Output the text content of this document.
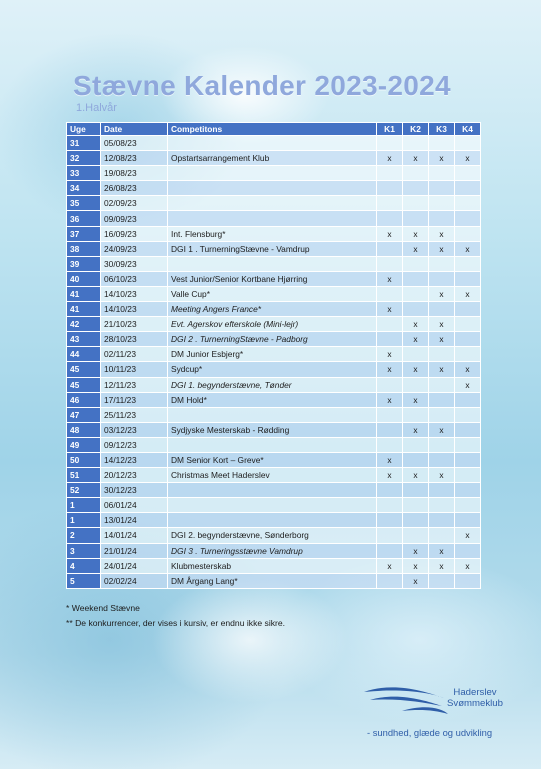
Stævne Kalender 2023-2024
1.Halvår
Uge	Date	Competitons	K1	K2	K3	K4
31	05/08/23					
32	12/08/23	Opstartsarrangement Klub	x	x	x	x
33	19/08/23					
34	26/08/23					
35	02/09/23					
36	09/09/23					
37	16/09/23	Int. Flensburg*	x	x	x	
38	24/09/23	DGI 1 . TurnerningStævne - Vamdrup		x	x	x
39	30/09/23					
40	06/10/23	Vest Junior/Senior Kortbane Hjørring	x			
41	14/10/23	Valle Cup*			x	x
41	14/10/23	Meeting Angers France*	x			
42	21/10/23	Evt. Agerskov efterskole (Mini-lejr)		x	x	
43	28/10/23	DGI 2 . TurnerningStævne - Padborg		x	x	
44	02/11/23	DM Junior Esbjerg*	x			
45	10/11/23	Sydcup*	x	x	x	x
45	12/11/23	DGI 1. begynderstævne, Tønder				x
46	17/11/23	DM Hold*	x	x		
47	25/11/23					
48	03/12/23	Sydjyske Mesterskab - Rødding		x	x	
49	09/12/23					
50	14/12/23	DM Senior Kort – Greve*	x			
51	20/12/23	Christmas Meet Haderslev	x	x	x	
52	30/12/23					
1	06/01/24					
1	13/01/24					
2	14/01/24	DGI 2. begynderstævne, Sønderborg				x
3	21/01/24	DGI 3 . Turneringsstævne Vamdrup		x	x	
4	24/01/24	Klubmesterskab	x	x	x	x
5	02/02/24	DM Årgang Lang*		x		
* Weekend Stævne
** De konkurrencer, der vises i kursiv, er endnu ikke sikre.
Haderslev
Svømmeklub
- sundhed, glæde og udvikling
